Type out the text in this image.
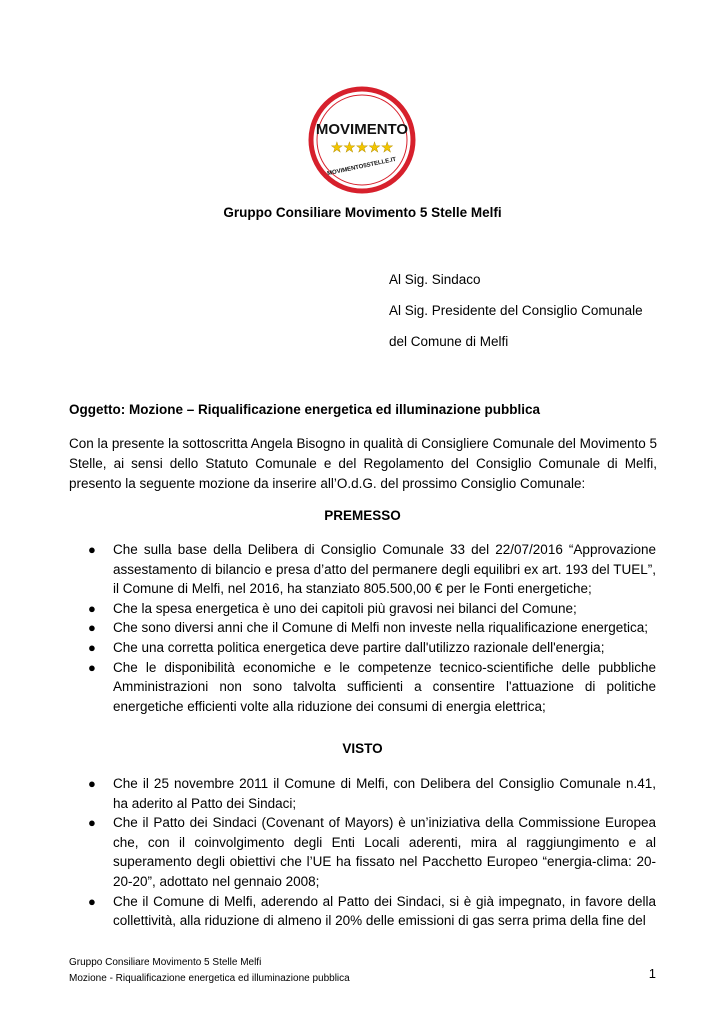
MOVIMENTO
★★★★★
MOVIMENTO5STELLE.IT
Gruppo Consiliare Movimento 5 Stelle Melfi
Al Sig. Sindaco
Al Sig. Presidente del Consiglio Comunale
del Comune di Melfi
Oggetto: Mozione – Riqualificazione energetica ed illuminazione pubblica
Con la presente la sottoscritta Angela Bisogno in qualità di Consigliere Comunale del Movimento 5 Stelle, ai sensi dello Statuto Comunale e del Regolamento del Consiglio Comunale di Melfi, presento la seguente mozione da inserire all’O.d.G. del prossimo Consiglio Comunale:
PREMESSO
● Che sulla base della Delibera di Consiglio Comunale 33 del 22/07/2016 “Approvazione assestamento di bilancio e presa d’atto del permanere degli equilibri ex art. 193 del TUEL”, il Comune di Melfi, nel 2016, ha stanziato 805.500,00 € per le Fonti energetiche;
● Che la spesa energetica è uno dei capitoli più gravosi nei bilanci del Comune;
● Che sono diversi anni che il Comune di Melfi non investe nella riqualificazione energetica;
● Che una corretta politica energetica deve partire dall'utilizzo razionale dell'energia;
● Che le disponibilità economiche e le competenze tecnico-scientifiche delle pubbliche Amministrazioni non sono talvolta sufficienti a consentire l'attuazione di politiche energetiche efficienti volte alla riduzione dei consumi di energia elettrica;
VISTO
● Che il 25 novembre 2011 il Comune di Melfi, con Delibera del Consiglio Comunale n.41, ha aderito al Patto dei Sindaci;
● Che il Patto dei Sindaci (Covenant of Mayors) è un’iniziativa della Commissione Europea che, con il coinvolgimento degli Enti Locali aderenti, mira al raggiungimento e al superamento degli obiettivi che l’UE ha fissato nel Pacchetto Europeo “energia-clima: 20-20-20”, adottato nel gennaio 2008;
● Che il Comune di Melfi, aderendo al Patto dei Sindaci, si è già impegnato, in favore della collettività, alla riduzione di almeno il 20% delle emissioni di gas serra prima della fine del
Gruppo Consiliare Movimento 5 Stelle Melfi
Mozione - Riqualificazione energetica ed illuminazione pubblica	1
